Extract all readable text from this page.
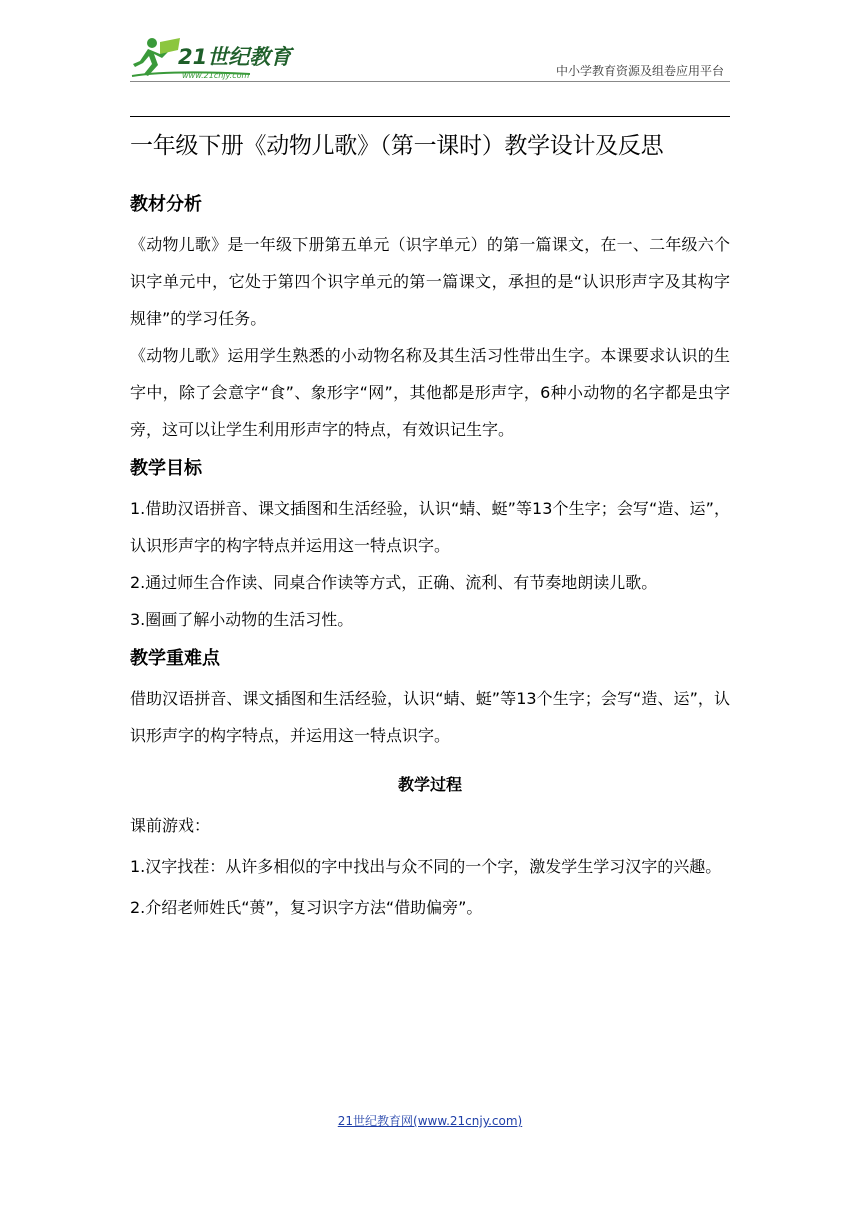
21世纪教育
www.21cnjy.com	中小学教育资源及组卷应用平台
一年级下册《动物儿歌》（第一课时）教学设计及反思
教材分析

《动物儿歌》是一年级下册第五单元（识字单元）的第一篇课文，在一、二年级六个识字单元中，它处于第四个识字单元的第一篇课文，承担的是“认识形声字及其构字规律”的学习任务。

《动物儿歌》运用学生熟悉的小动物名称及其生活习性带出生字。本课要求认识的生字中，除了会意字“食”、象形字“网”，其他都是形声字，6种小动物的名字都是虫字旁，这可以让学生利用形声字的特点，有效识记生字。

教学目标

1.借助汉语拼音、课文插图和生活经验，认识“蜻、蜓”等13个生字；会写“造、运”，认识形声字的构字特点并运用这一特点识字。

2.通过师生合作读、同桌合作读等方式，正确、流利、有节奏地朗读儿歌。

3.圈画了解小动物的生活习性。

教学重难点

借助汉语拼音、课文插图和生活经验，认识“蜻、蜓”等13个生字；会写“造、运”，认识形声字的构字特点，并运用这一特点识字。

教学过程

课前游戏：

1.汉字找茬：从许多相似的字中找出与众不同的一个字，激发学生学习汉字的兴趣。

2.介绍老师姓氏“蒉”，复习识字方法“借助偏旁”。

21世纪教育网(www.21cnjy.com)
